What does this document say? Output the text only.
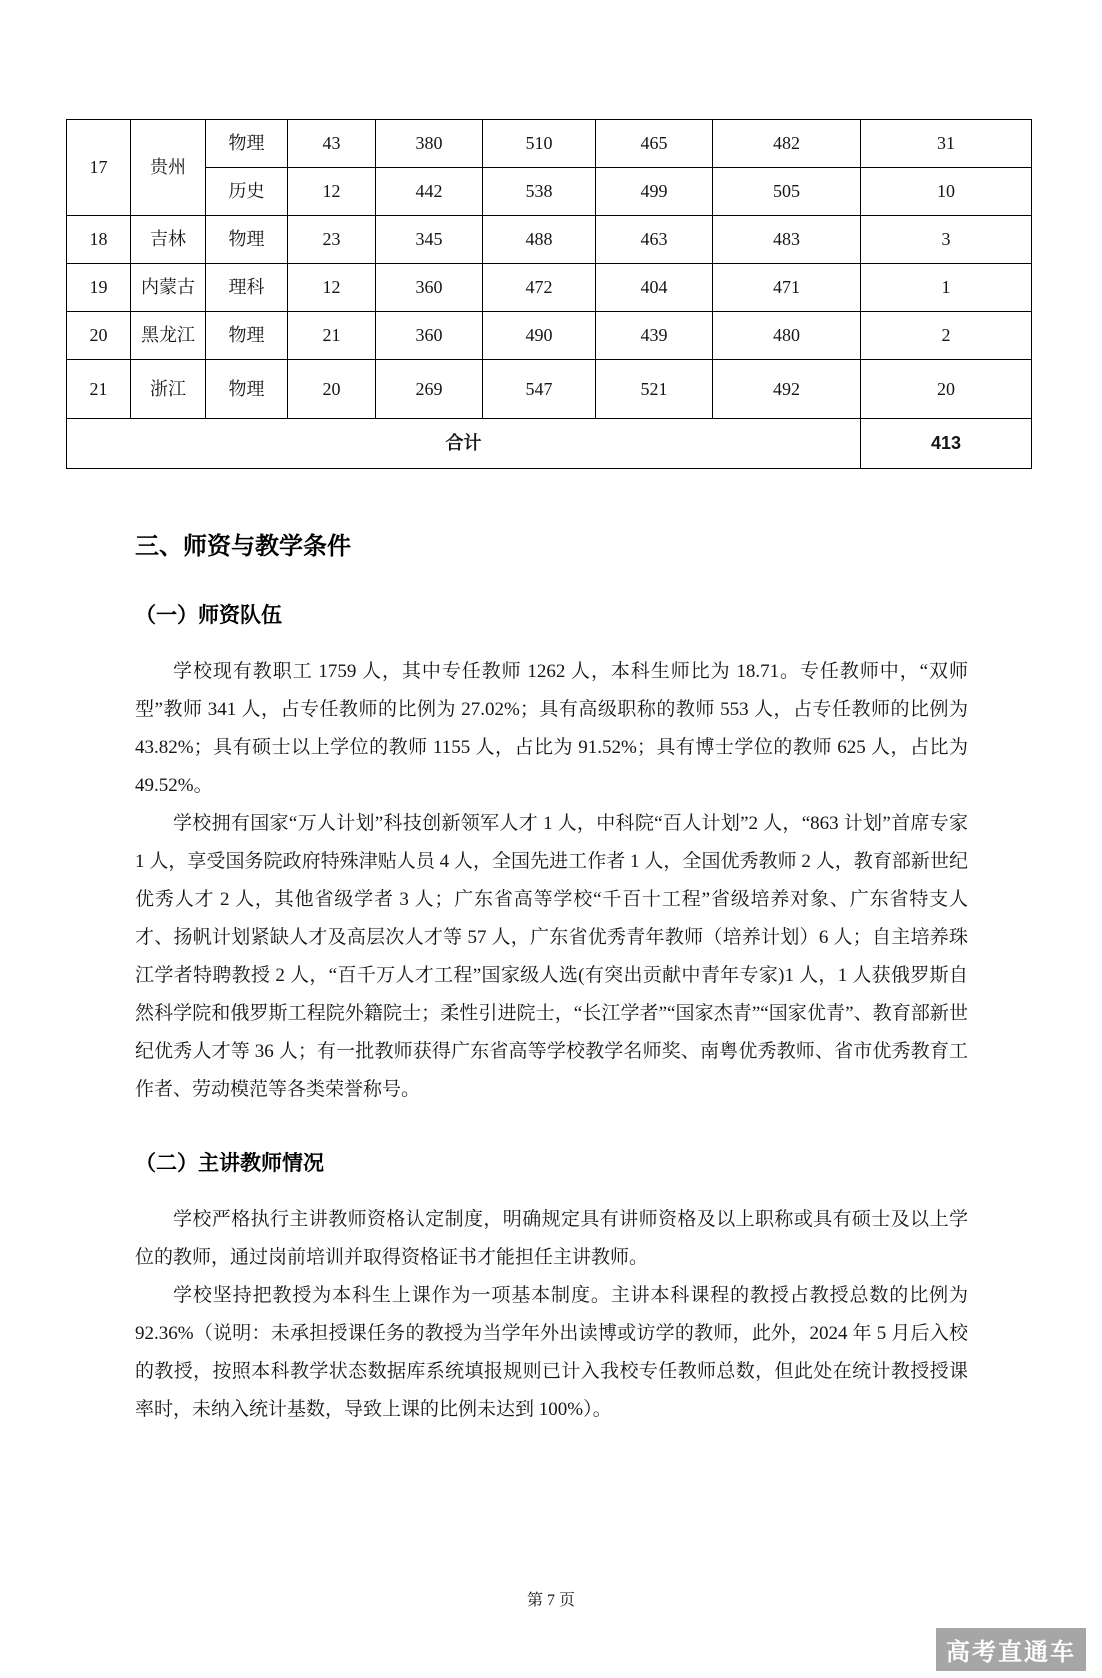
17	贵州	物理	43	380	510	465	482	31
		历史	12	442	538	499	505	10
18	吉林	物理	23	345	488	463	483	3
19	内蒙古	理科	12	360	472	404	471	1
20	黑龙江	物理	21	360	490	439	480	2
21	浙江	物理	20	269	547	521	492	20
合计								413
三、师资与教学条件
（一）师资队伍

学校现有教职工 1759 人，其中专任教师 1262 人，本科生师比为 18.71。专任教师中，“双师型”教师 341 人，占专任教师的比例为 27.02%；具有高级职称的教师 553 人，占专任教师的比例为 43.82%；具有硕士以上学位的教师 1155 人，占比为 91.52%；具有博士学位的教师 625 人，占比为 49.52%。

学校拥有国家“万人计划”科技创新领军人才 1 人，中科院“百人计划”2 人，“863 计划”首席专家 1 人，享受国务院政府特殊津贴人员 4 人，全国先进工作者 1 人，全国优秀教师 2 人，教育部新世纪优秀人才 2 人，其他省级学者 3 人；广东省高等学校“千百十工程”省级培养对象、广东省特支人才、扬帆计划紧缺人才及高层次人才等 57 人，广东省优秀青年教师（培养计划）6 人；自主培养珠江学者特聘教授 2 人，“百千万人才工程”国家级人选(有突出贡献中青年专家)1 人，1 人获俄罗斯自然科学院和俄罗斯工程院外籍院士；柔性引进院士，“长江学者”“国家杰青”“国家优青”、教育部新世纪优秀人才等 36 人；有一批教师获得广东省高等学校教学名师奖、南粤优秀教师、省市优秀教育工作者、劳动模范等各类荣誉称号。

（二）主讲教师情况

学校严格执行主讲教师资格认定制度，明确规定具有讲师资格及以上职称或具有硕士及以上学位的教师，通过岗前培训并取得资格证书才能担任主讲教师。

学校坚持把教授为本科生上课作为一项基本制度。主讲本科课程的教授占教授总数的比例为 92.36%（说明：未承担授课任务的教授为当学年外出读博或访学的教师，此外，2024 年 5 月后入校的教授，按照本科教学状态数据库系统填报规则已计入我校专任教师总数，但此处在统计教授授课率时，未纳入统计基数，导致上课的比例未达到 100%）。

第 7 页
高考直通车
